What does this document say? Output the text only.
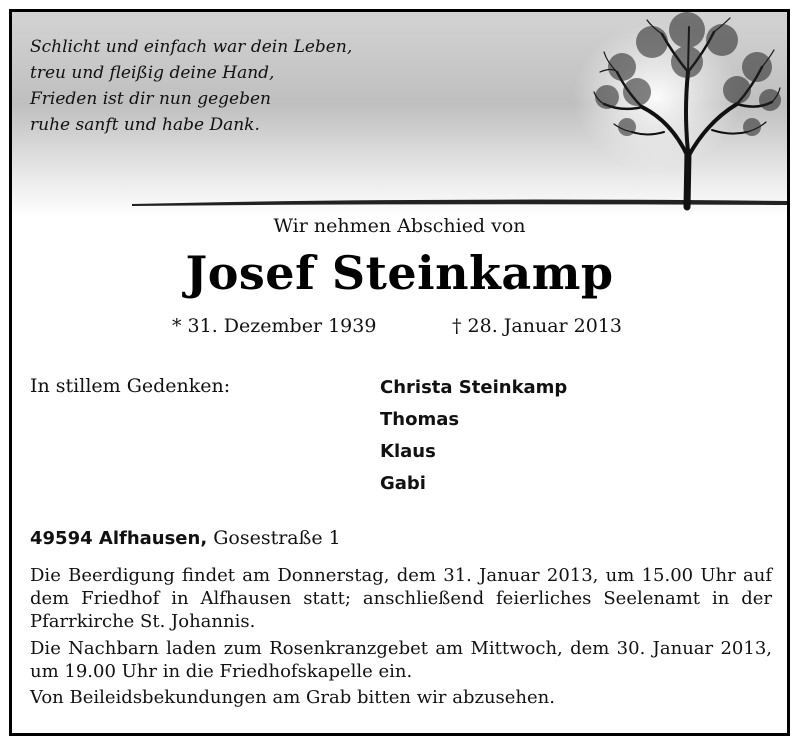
Schlicht und einfach war dein Leben,
treu und fleißig deine Hand,
Frieden ist dir nun gegeben
ruhe sanft und habe Dank.
Wir nehmen Abschied von
Josef Steinkamp
* 31. Dezember 1939	† 28. Januar 2013
In stillem Gedenken:	Christa Steinkamp
Thomas
Klaus
Gabi
49594 Alfhausen, Gosestraße 1
Die Beerdigung findet am Donnerstag, dem 31. Januar 2013, um 15.00 Uhr auf dem Friedhof in Alfhausen statt; anschließend feierliches Seelenamt in der Pfarrkirche St. Johannis.
Die Nachbarn laden zum Rosenkranzgebet am Mittwoch, dem 30. Januar 2013, um 19.00 Uhr in die Friedhofskapelle ein.
Von Beileidsbekundungen am Grab bitten wir abzusehen.
